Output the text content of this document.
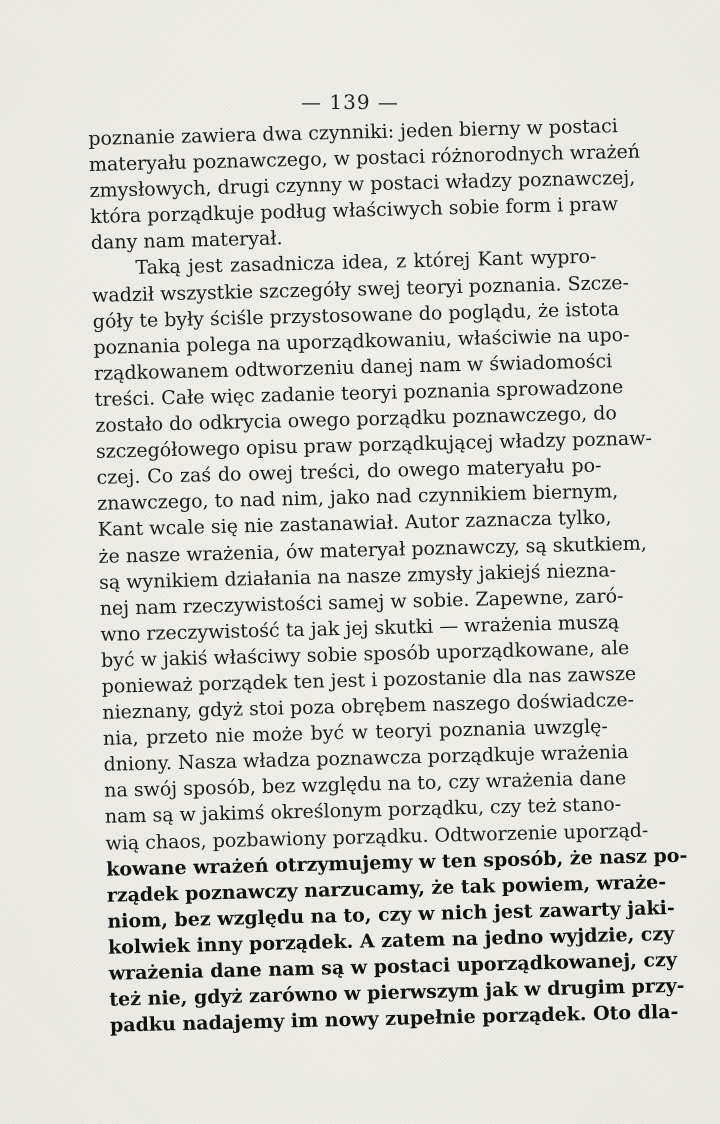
— 139 —
poznanie zawiera dwa czynniki: jeden bierny w postaci
materyału poznawczego, w postaci różnorodnych wrażeń
zmysłowych, drugi czynny w postaci władzy poznawczej,
która porządkuje podług właściwych sobie form i praw
dany nam materyał.
Taką jest zasadnicza idea, z której Kant wypro-
wadził wszystkie szczegóły swej teoryi poznania. Szcze-
góły te były ściśle przystosowane do poglądu, że istota
poznania polega na uporządkowaniu, właściwie na upo-
rządkowanem odtworzeniu danej nam w świadomości
treści. Całe więc zadanie teoryi poznania sprowadzone
zostało do odkrycia owego porządku poznawczego, do
szczegółowego opisu praw porządkującej władzy poznaw-
czej. Co zaś do owej treści, do owego materyału po-
znawczego, to nad nim, jako nad czynnikiem biernym,
Kant wcale się nie zastanawiał. Autor zaznacza tylko,
że nasze wrażenia, ów materyał poznawczy, są skutkiem,
są wynikiem działania na nasze zmysły jakiejś niezna-
nej nam rzeczywistości samej w sobie. Zapewne, zaró-
wno rzeczywistość ta jak jej skutki — wrażenia muszą
być w jakiś właściwy sobie sposób uporządkowane, ale
ponieważ porządek ten jest i pozostanie dla nas zawsze
nieznany, gdyż stoi poza obrębem naszego doświadcze-
nia, przeto nie może być w teoryi poznania uwzglę-
dniony. Nasza władza poznawcza porządkuje wrażenia
na swój sposób, bez względu na to, czy wrażenia dane
nam są w jakimś określonym porządku, czy też stano-
wią chaos, pozbawiony porządku. Odtworzenie uporząd-
kowane wrażeń otrzymujemy w ten sposób, że nasz po-
rządek poznawczy narzucamy, że tak powiem, wraże-
niom, bez względu na to, czy w nich jest zawarty jaki-
kolwiek inny porządek. A zatem na jedno wyjdzie, czy
wrażenia dane nam są w postaci uporządkowanej, czy
też nie, gdyż zarówno w pierwszym jak w drugim przy-
padku nadajemy im nowy zupełnie porządek. Oto dla-
